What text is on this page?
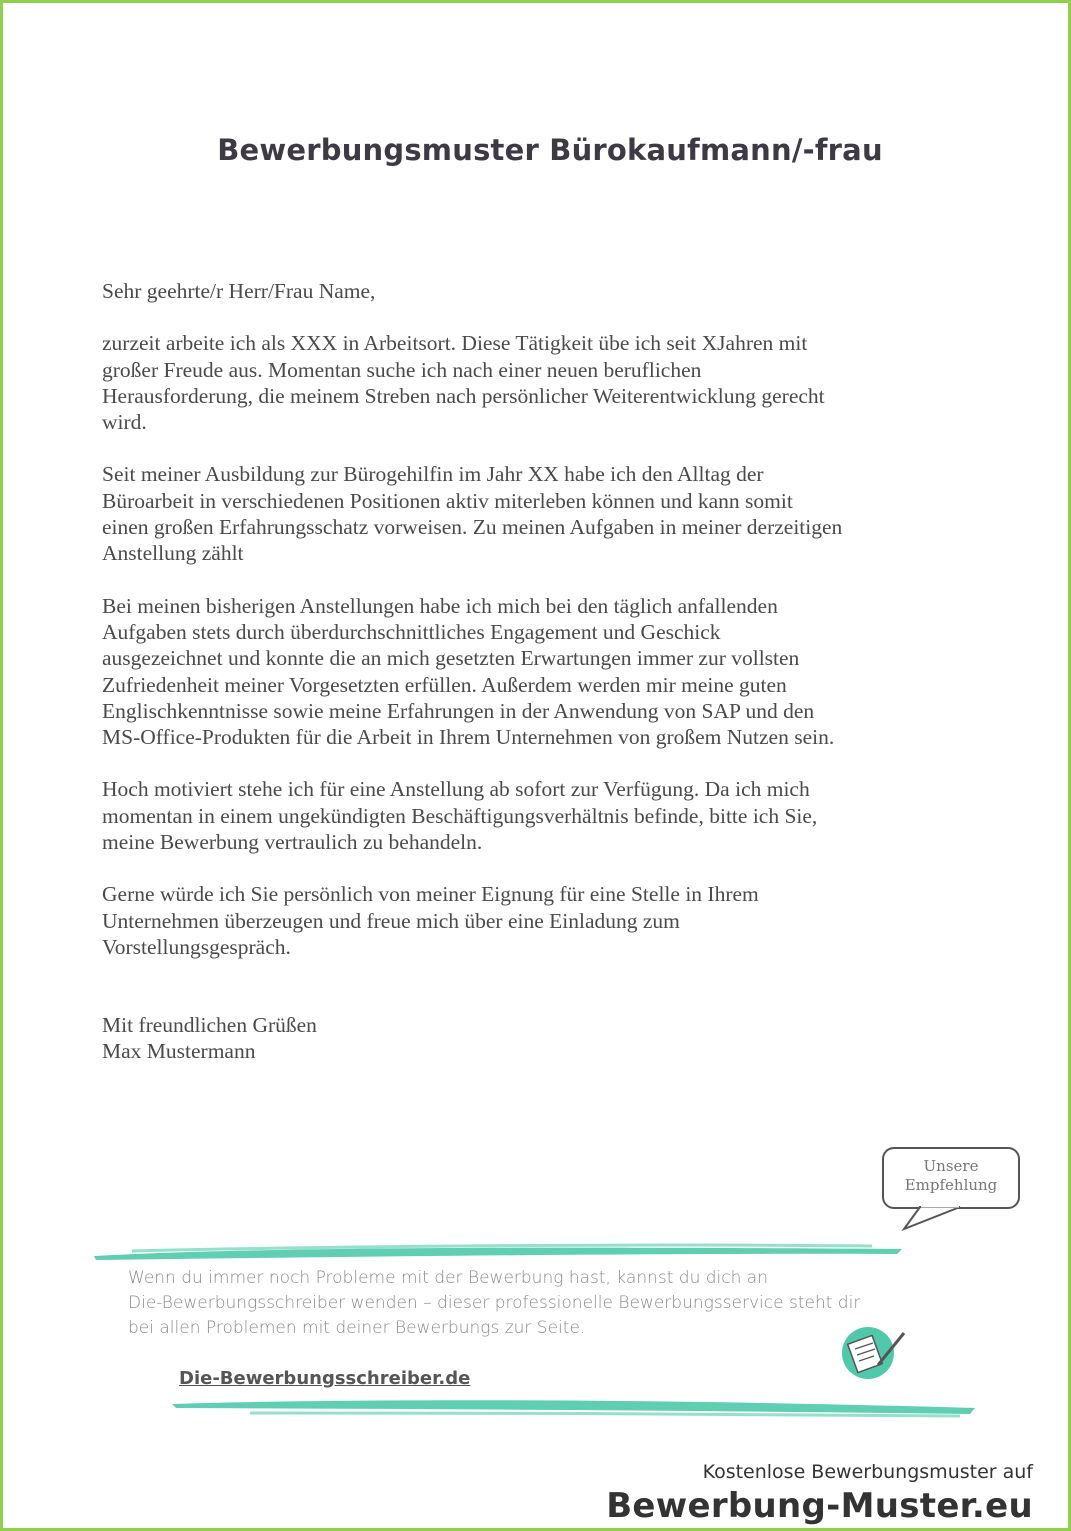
Bewerbungsmuster Bürokaufmann/-frau

Sehr geehrte/r Herr/Frau Name,

zurzeit arbeite ich als XXX in Arbeitsort. Diese Tätigkeit übe ich seit XJahren mit
großer Freude aus. Momentan suche ich nach einer neuen beruflichen
Herausforderung, die meinem Streben nach persönlicher Weiterentwicklung gerecht
wird.

Seit meiner Ausbildung zur Bürogehilfin im Jahr XX habe ich den Alltag der
Büroarbeit in verschiedenen Positionen aktiv miterleben können und kann somit
einen großen Erfahrungsschatz vorweisen. Zu meinen Aufgaben in meiner derzeitigen
Anstellung zählt

Bei meinen bisherigen Anstellungen habe ich mich bei den täglich anfallenden
Aufgaben stets durch überdurchschnittliches Engagement und Geschick
ausgezeichnet und konnte die an mich gesetzten Erwartungen immer zur vollsten
Zufriedenheit meiner Vorgesetzten erfüllen. Außerdem werden mir meine guten
Englischkenntnisse sowie meine Erfahrungen in der Anwendung von SAP und den
MS-Office-Produkten für die Arbeit in Ihrem Unternehmen von großem Nutzen sein.

Hoch motiviert stehe ich für eine Anstellung ab sofort zur Verfügung. Da ich mich
momentan in einem ungekündigten Beschäftigungsverhältnis befinde, bitte ich Sie,
meine Bewerbung vertraulich zu behandeln.

Gerne würde ich Sie persönlich von meiner Eignung für eine Stelle in Ihrem
Unternehmen überzeugen und freue mich über eine Einladung zum
Vorstellungsgespräch.

Mit freundlichen Grüßen
Max Mustermann
Unsere
Empfehlung
Wenn du immer noch Probleme mit der Bewerbung hast, kannst du dich an
Die-Bewerbungsschreiber wenden – dieser professionelle Bewerbungsservice steht dir
bei allen Problemen mit deiner Bewerbungs zur Seite.
Die-Bewerbungsschreiber.de
Kostenlose Bewerbungsmuster auf
Bewerbung-Muster.eu
